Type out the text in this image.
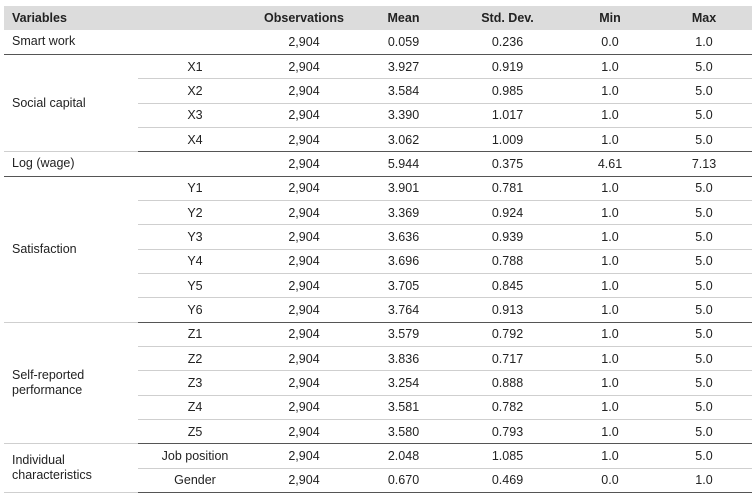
Variables		Observations	Mean	Std. Dev.	Min	Max
Smart work		2,904	0.059	0.236	0.0	1.0
Social capital	X1	2,904	3.927	0.919	1.0	5.0
	X2	2,904	3.584	0.985	1.0	5.0
	X3	2,904	3.390	1.017	1.0	5.0
	X4	2,904	3.062	1.009	1.0	5.0
Log (wage)		2,904	5.944	0.375	4.61	7.13
Satisfaction	Y1	2,904	3.901	0.781	1.0	5.0
	Y2	2,904	3.369	0.924	1.0	5.0
	Y3	2,904	3.636	0.939	1.0	5.0
	Y4	2,904	3.696	0.788	1.0	5.0
	Y5	2,904	3.705	0.845	1.0	5.0
	Y6	2,904	3.764	0.913	1.0	5.0
Self-reported performance	Z1	2,904	3.579	0.792	1.0	5.0
	Z2	2,904	3.836	0.717	1.0	5.0
	Z3	2,904	3.254	0.888	1.0	5.0
	Z4	2,904	3.581	0.782	1.0	5.0
	Z5	2,904	3.580	0.793	1.0	5.0
Individual characteristics	Job position	2,904	2.048	1.085	1.0	5.0
	Gender	2,904	0.670	0.469	0.0	1.0
